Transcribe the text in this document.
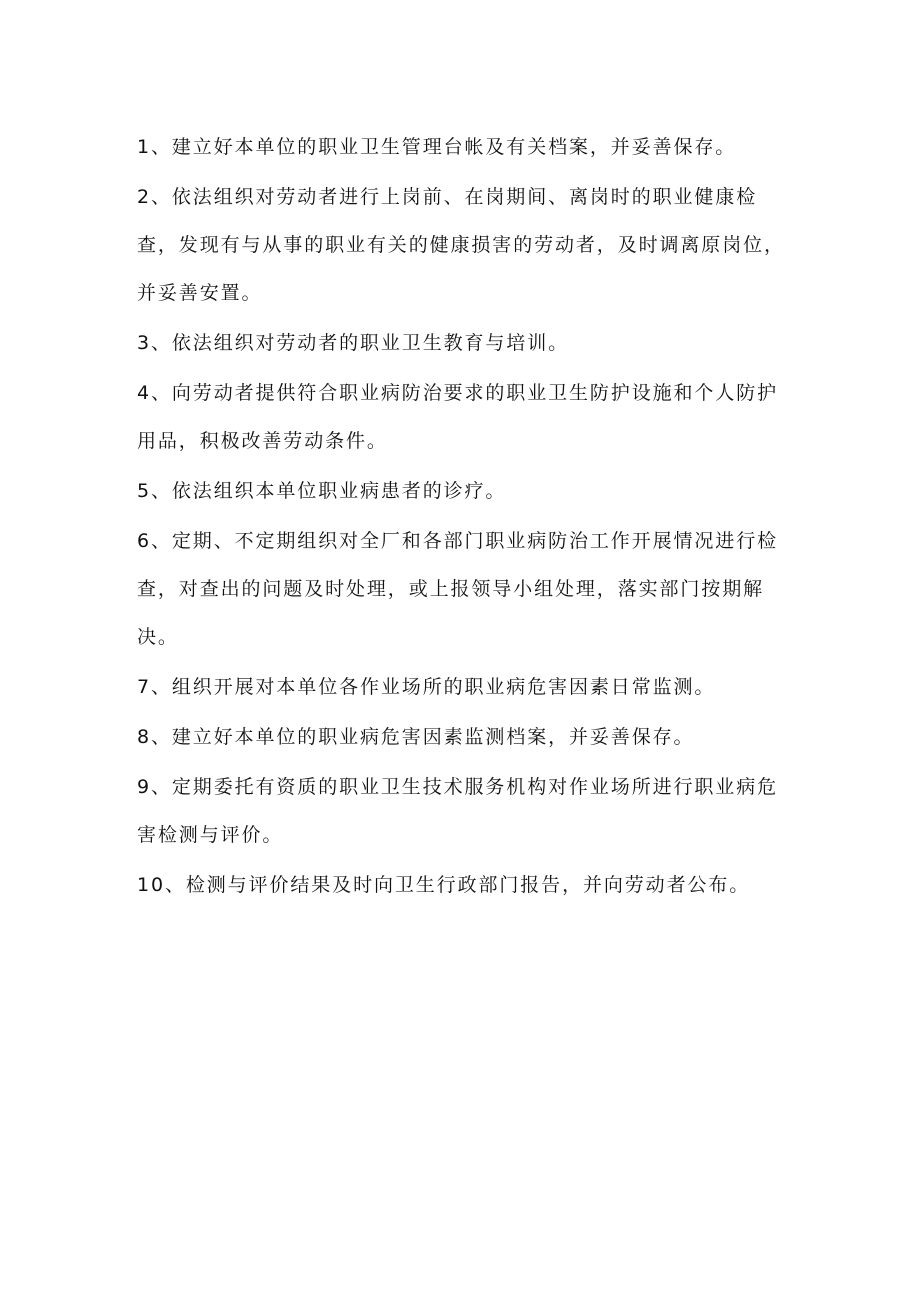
1、建立好本单位的职业卫生管理台帐及有关档案，并妥善保存。
2、依法组织对劳动者进行上岗前、在岗期间、离岗时的职业健康检查，发现有与从事的职业有关的健康损害的劳动者，及时调离原岗位，并妥善安置。
3、依法组织对劳动者的职业卫生教育与培训。
4、向劳动者提供符合职业病防治要求的职业卫生防护设施和个人防护用品，积极改善劳动条件。
5、依法组织本单位职业病患者的诊疗。
6、定期、不定期组织对全厂和各部门职业病防治工作开展情况进行检查，对查出的问题及时处理，或上报领导小组处理，落实部门按期解决。
7、组织开展对本单位各作业场所的职业病危害因素日常监测。
8、建立好本单位的职业病危害因素监测档案，并妥善保存。
9、定期委托有资质的职业卫生技术服务机构对作业场所进行职业病危害检测与评价。
10、检测与评价结果及时向卫生行政部门报告，并向劳动者公布。
